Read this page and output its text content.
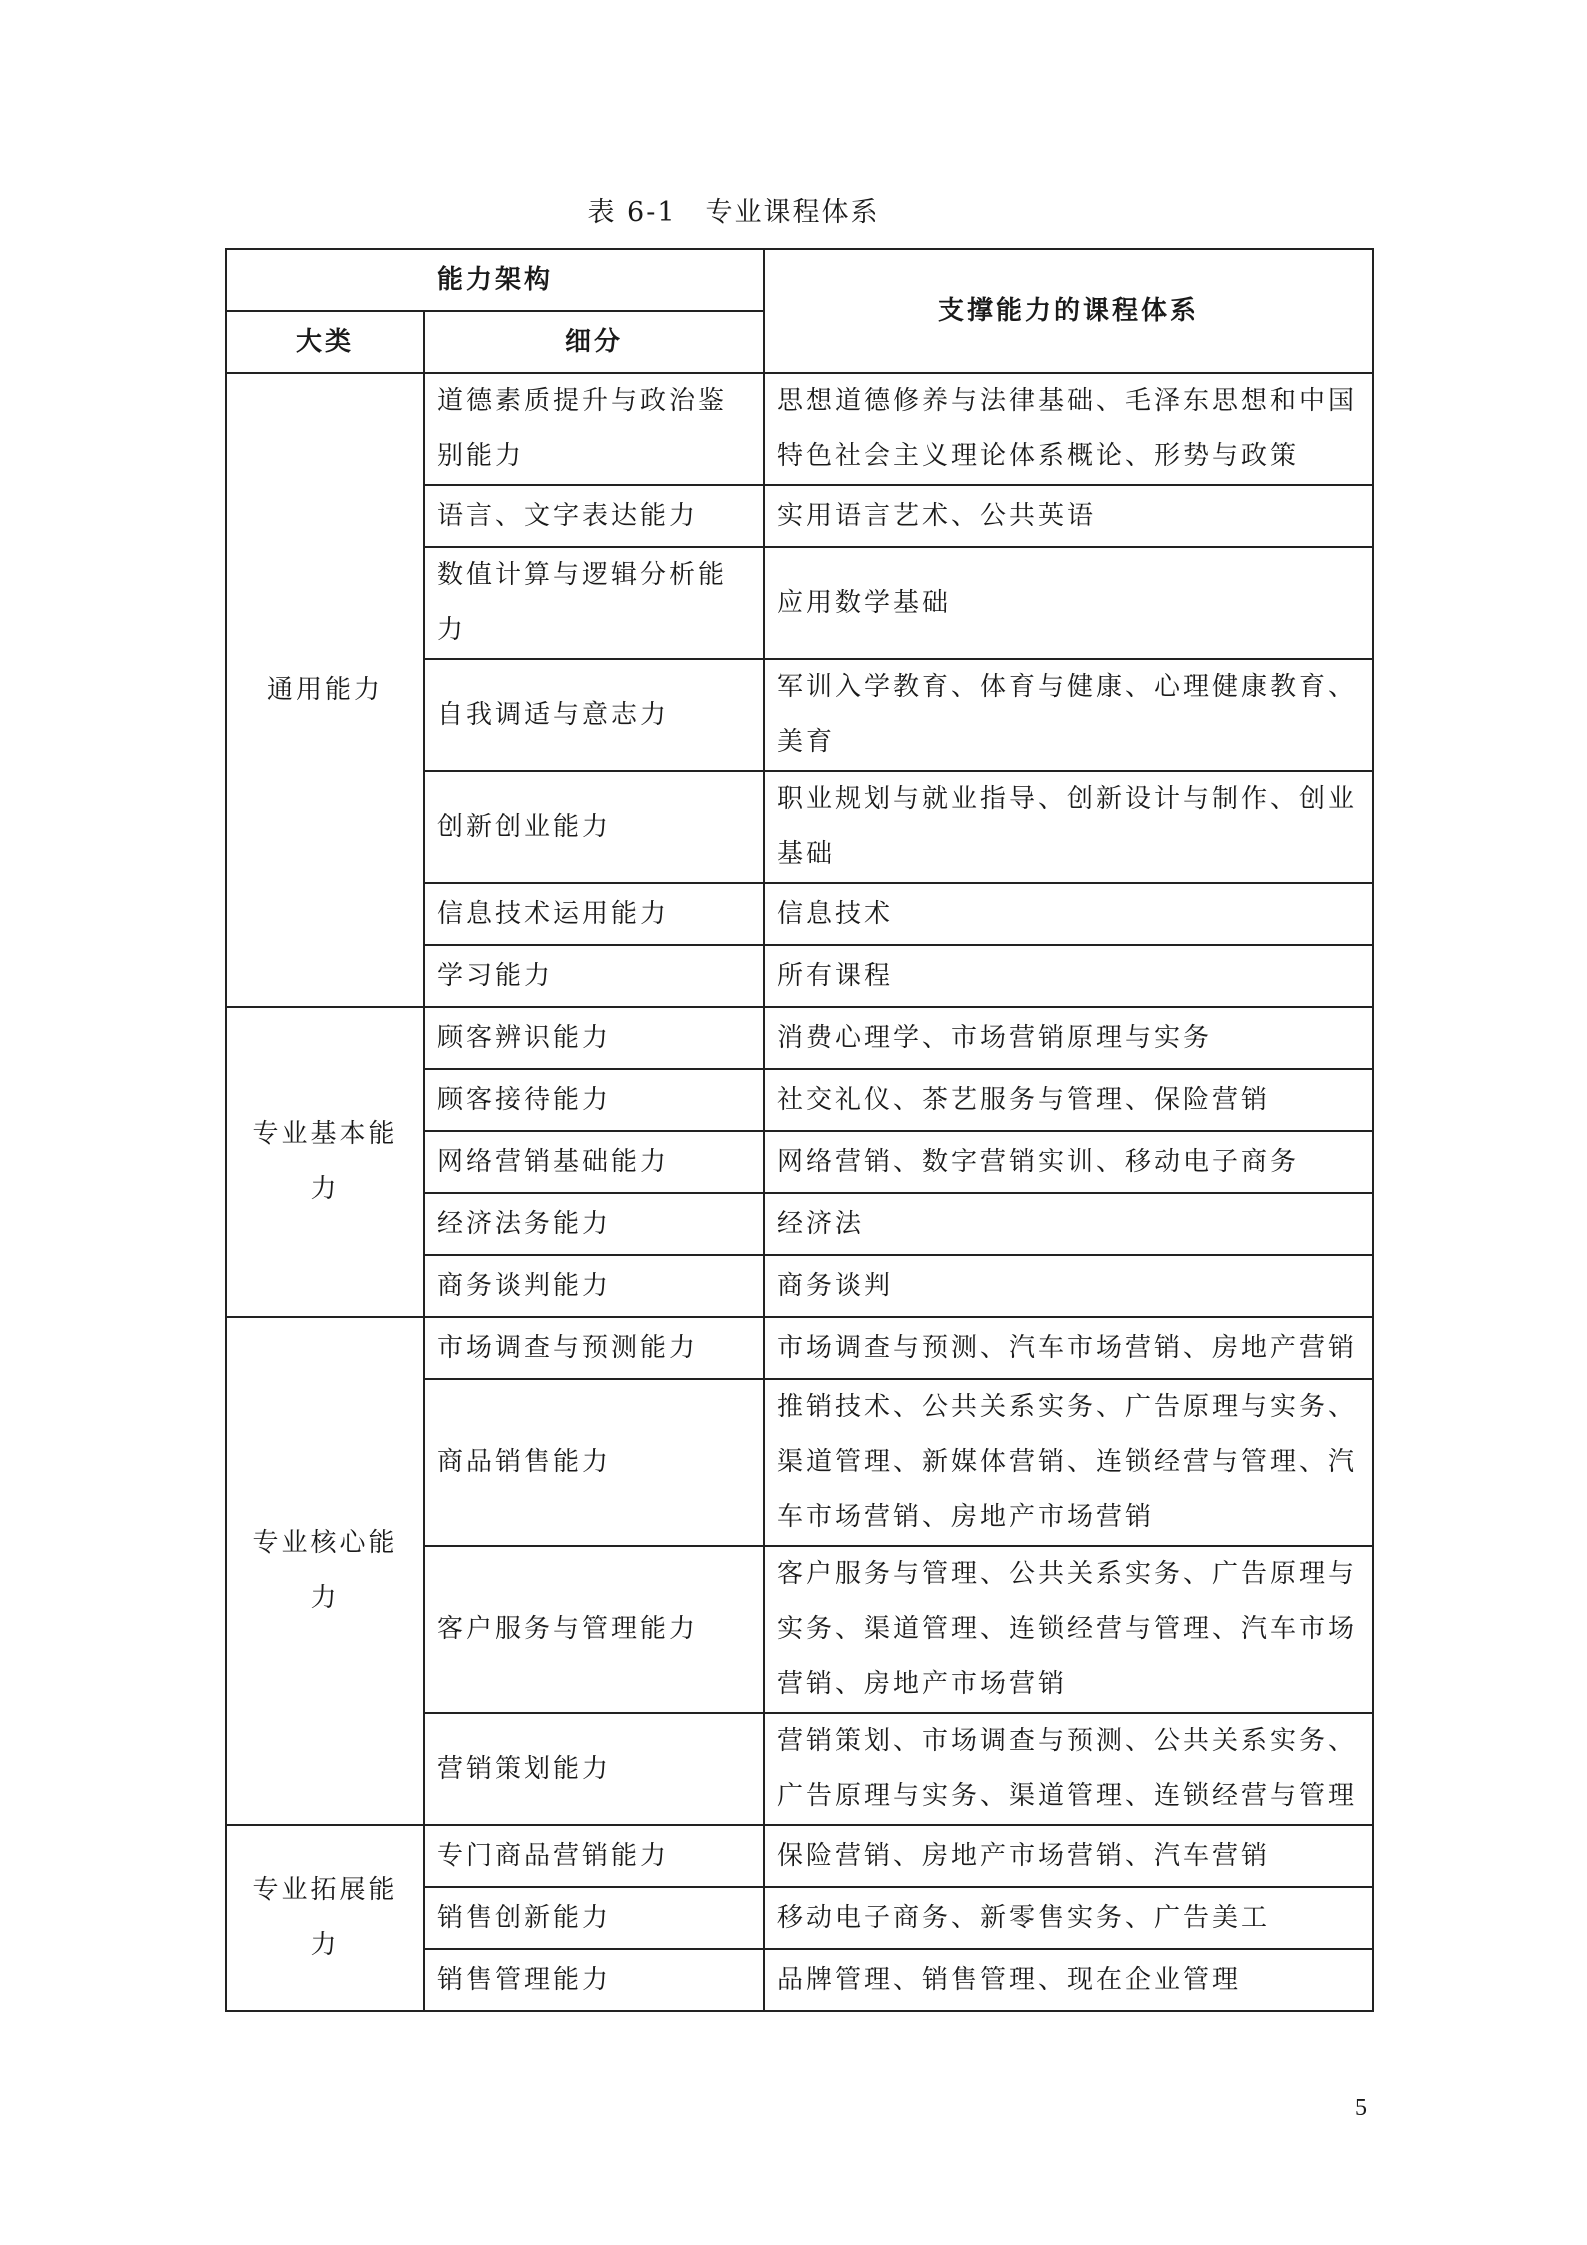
表 6-1　专业课程体系
能力架构		支撑能力的课程体系
大类	细分	
通用能力	道德素质提升与政治鉴别能力	思想道德修养与法律基础、毛泽东思想和中国特色社会主义理论体系概论、形势与政策
	语言、文字表达能力	实用语言艺术、公共英语
	数值计算与逻辑分析能力	应用数学基础
	自我调适与意志力	军训入学教育、体育与健康、心理健康教育、美育
	创新创业能力	职业规划与就业指导、创新设计与制作、创业基础
	信息技术运用能力	信息技术
	学习能力	所有课程
专业基本能力	顾客辨识能力	消费心理学、市场营销原理与实务
	顾客接待能力	社交礼仪、茶艺服务与管理、保险营销
	网络营销基础能力	网络营销、数字营销实训、移动电子商务
	经济法务能力	经济法
	商务谈判能力	商务谈判
专业核心能力	市场调查与预测能力	市场调查与预测、汽车市场营销、房地产营销
	商品销售能力	推销技术、公共关系实务、广告原理与实务、渠道管理、新媒体营销、连锁经营与管理、汽车市场营销、房地产市场营销
	客户服务与管理能力	客户服务与管理、公共关系实务、广告原理与实务、渠道管理、连锁经营与管理、汽车市场营销、房地产市场营销
	营销策划能力	营销策划、市场调查与预测、公共关系实务、广告原理与实务、渠道管理、连锁经营与管理
专业拓展能力	专门商品营销能力	保险营销、房地产市场营销、汽车营销
	销售创新能力	移动电子商务、新零售实务、广告美工
	销售管理能力	品牌管理、销售管理、现在企业管理
5
